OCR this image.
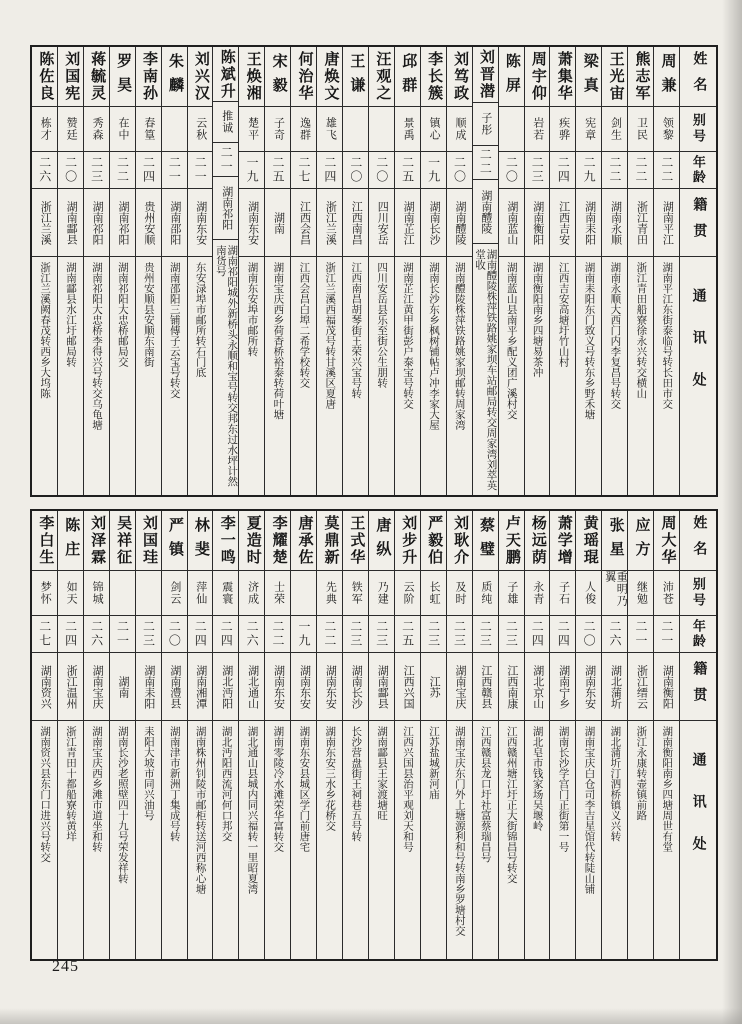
陈佐良
栋才
二六
浙江兰溪
浙江兰溪阙春茂转西乡大坞陈
刘国宪
赞廷
二〇
湖南酃县
湖南酃县水江圩邮局转
蒋毓灵
秀森
二三
湖南祁阳
湖南祁阳大忠桥李得兴号转交乌龟塘
罗昊
在中
二二
湖南祁阳
湖南祁阳大忠桥邮局交
李南孙
春篁
二四
贵州安顺
贵州安顺县安顺东南街
朱麟
二一
湖南邵阳
湖南邵阳三铺傅子云宝号转交
刘兴汉
云秋
二一
湖南东安
东安渌埠市邮所转石门底
陈斌升
推诚
二一
湖南祁阳
湖南祁阳城外新桥头永顺和宝号转交邦东过水坪计然南货号
王焕湘
楚平
一九
湖南东安
湖南东安埠市邮所转
宋毅
子奇
二五
湖南
湖南宝庆西乡荷香桥裕泰转荷叶塘
何治华
逸群
二七
江西会昌
江西会昌白埠二希学校转交
唐焕文
雄飞
二四
浙江兰溪
浙江兰溪西福茂号转甘溪区夏唐
王谦
二〇
江西南昌
江西南昌胡琴街王荣兴宝号转
汪观之
二〇
四川安岳
四川安岳县乐至街公生朋转
邱群
景禹
二五
湖南芷江
湖南芷江黄甲街彭户泰宝号转交
李长簇
镇心
一九
湖南长沙
湖南长沙东乡枫树铺帖卢冲李家大屋
刘笃政
顺成
二〇
湖南醴陵
湖南醴陵株萍铁路姚家坝邮转周家湾
刘晋潜
子彤
二二
湖南醴陵
湖南醴陵株萍铁路姚家坝车站邮局转交周家湾刘萃英堂收
陈屏
二〇
湖南蓝山
湖南蓝山县南平乡配义团广溪村交
周宇仰
岩若
二三
湖南衡阳
湖南衡阳南乡四塘易茶冲
萧集华
疾骅
二四
江西吉安
江西吉安高塘圩竹山村
梁真
宪章
二九
湖南耒阳
湖南耒阳东门致义号转东乡野禾塘
王光宙
剑生
二二
湖南永顺
湖南永顺大西门内李复昌号转交
熊志军
卫民
二二
浙江青田
浙江青田船寮徐永兴转交横山
周兼
领黎
二二
湖南平江
湖南平江东街泰临号转长田市交
姓名
别号
年龄
籍贯
通讯处
李白生
梦怀
二七
湖南资兴
湖南资兴县东门口进兴号转交
陈庄
如天
二四
浙江温州
浙江青田十都船寮转黄垟
刘泽霖
锦城
二六
湖南宝庆
湖南宝庆西乡滩市道坐和转
吴祥征
二一
湖南
湖南长沙老照壁四十九号荣发祥转
刘国珪
二三
湖南耒阳
耒阳大坡市同兴油号
严镇
剑云
二〇
湖南澧县
湖南津市新洲丁集成号转
林斐
萍仙
二四
湖南湘潭
湖南株州钊陵市邮柜转送河西称心塘
李一鸣
震寰
二四
湖北沔阳
湖北沔阳西流河何口邦交
夏造时
济成
二六
湖北通山
湖北通山县城内同兴福转一里昭夏湾
李耀楚
士荣
二二
湖南东安
湖南零陵冷水滩荣华富转交
唐承佐
一九
湖南东安
湖南东安县城区学门前唐宅
莫鼎新
先典
二二
湖南东安
湖南东安三水乡花桥交
王式华
铁军
二三
湖南长沙
长沙营盘街王祠巷五号转
唐纵
乃建
二三
湖南酃县
湖南酃县王家渡塘旺
刘步升
云阶
二五
江西兴国
江西兴国县治平观刘天和号
严毅伯
长虹
二三
江苏
江苏盐城新河庙
刘耿介
及时
二三
湖南宝庆
湖南宝庆东门外上塘源利和号转南乡罗塘村交
蔡璧
质纯
二三
江西赣县
江西赣县龙口圩社富蔡瑞昌号
卢天鹏
子雄
二三
江西南康
江西赣州塘江圩正大街锦昌号转交
杨远荫
永青
二四
湖北京山
湖北皂市钱家场吴堰岭
萧学增
子石
二四
湖南宁乡
湖南长沙学宫门正街第一号
黄瑶琨
人俊
二〇
湖南东安
湖南宝庆白仓司李吉星馆代转陡山铺
张星
重明乃翼
二六
湖北蒲圻
湖北蒲圻汀泗桥镇义兴转
应方
继勉
二一
浙江缙云
浙江永康转壶镇前路
周大华
沛苍
二一
湖南衡阳
湖南衡阳南乡四塘周世有堂
姓名
别号
年龄
籍贯
通讯处
245
